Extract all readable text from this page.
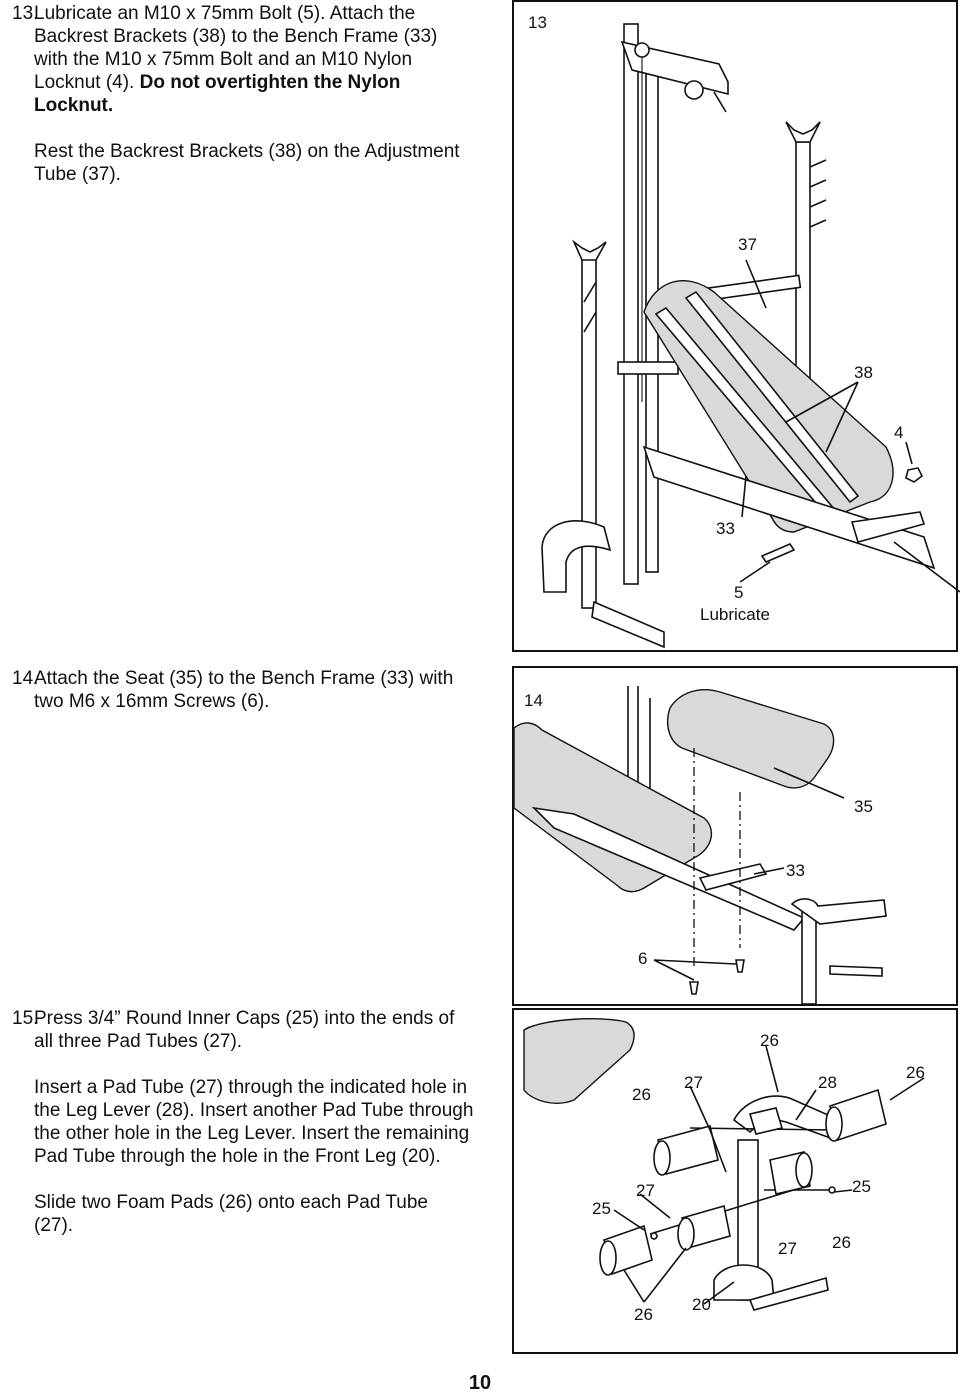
13.Lubricate an M10 x 75mm Bolt (5). Attach the

Backrest Brackets (38) to the Bench Frame (33)

with the M10 x 75mm Bolt and an M10 Nylon

Locknut (4). Do not overtighten the Nylon

Locknut.

Rest the Backrest Brackets (38) on the Adjustment

Tube (37).

13
37
38
4
33
5
Lubricate

14.Attach the Seat (35) to the Bench Frame (33) with

two M6 x 16mm Screws (6).	14
35
33
6

15.Press 3/4” Round Inner Caps (25) into the ends of

all three Pad Tubes (27).

Insert a Pad Tube (27) through the indicated hole in

the Leg Lever (28). Insert another Pad Tube through

the other hole in the Leg Lever. Insert the remaining

Pad Tube through the hole in the Front Leg (20).

Slide two Foam Pads (26) onto each Pad Tube

(27).

26
27	28
26
26
25
27	25
27 26
26
20
10
